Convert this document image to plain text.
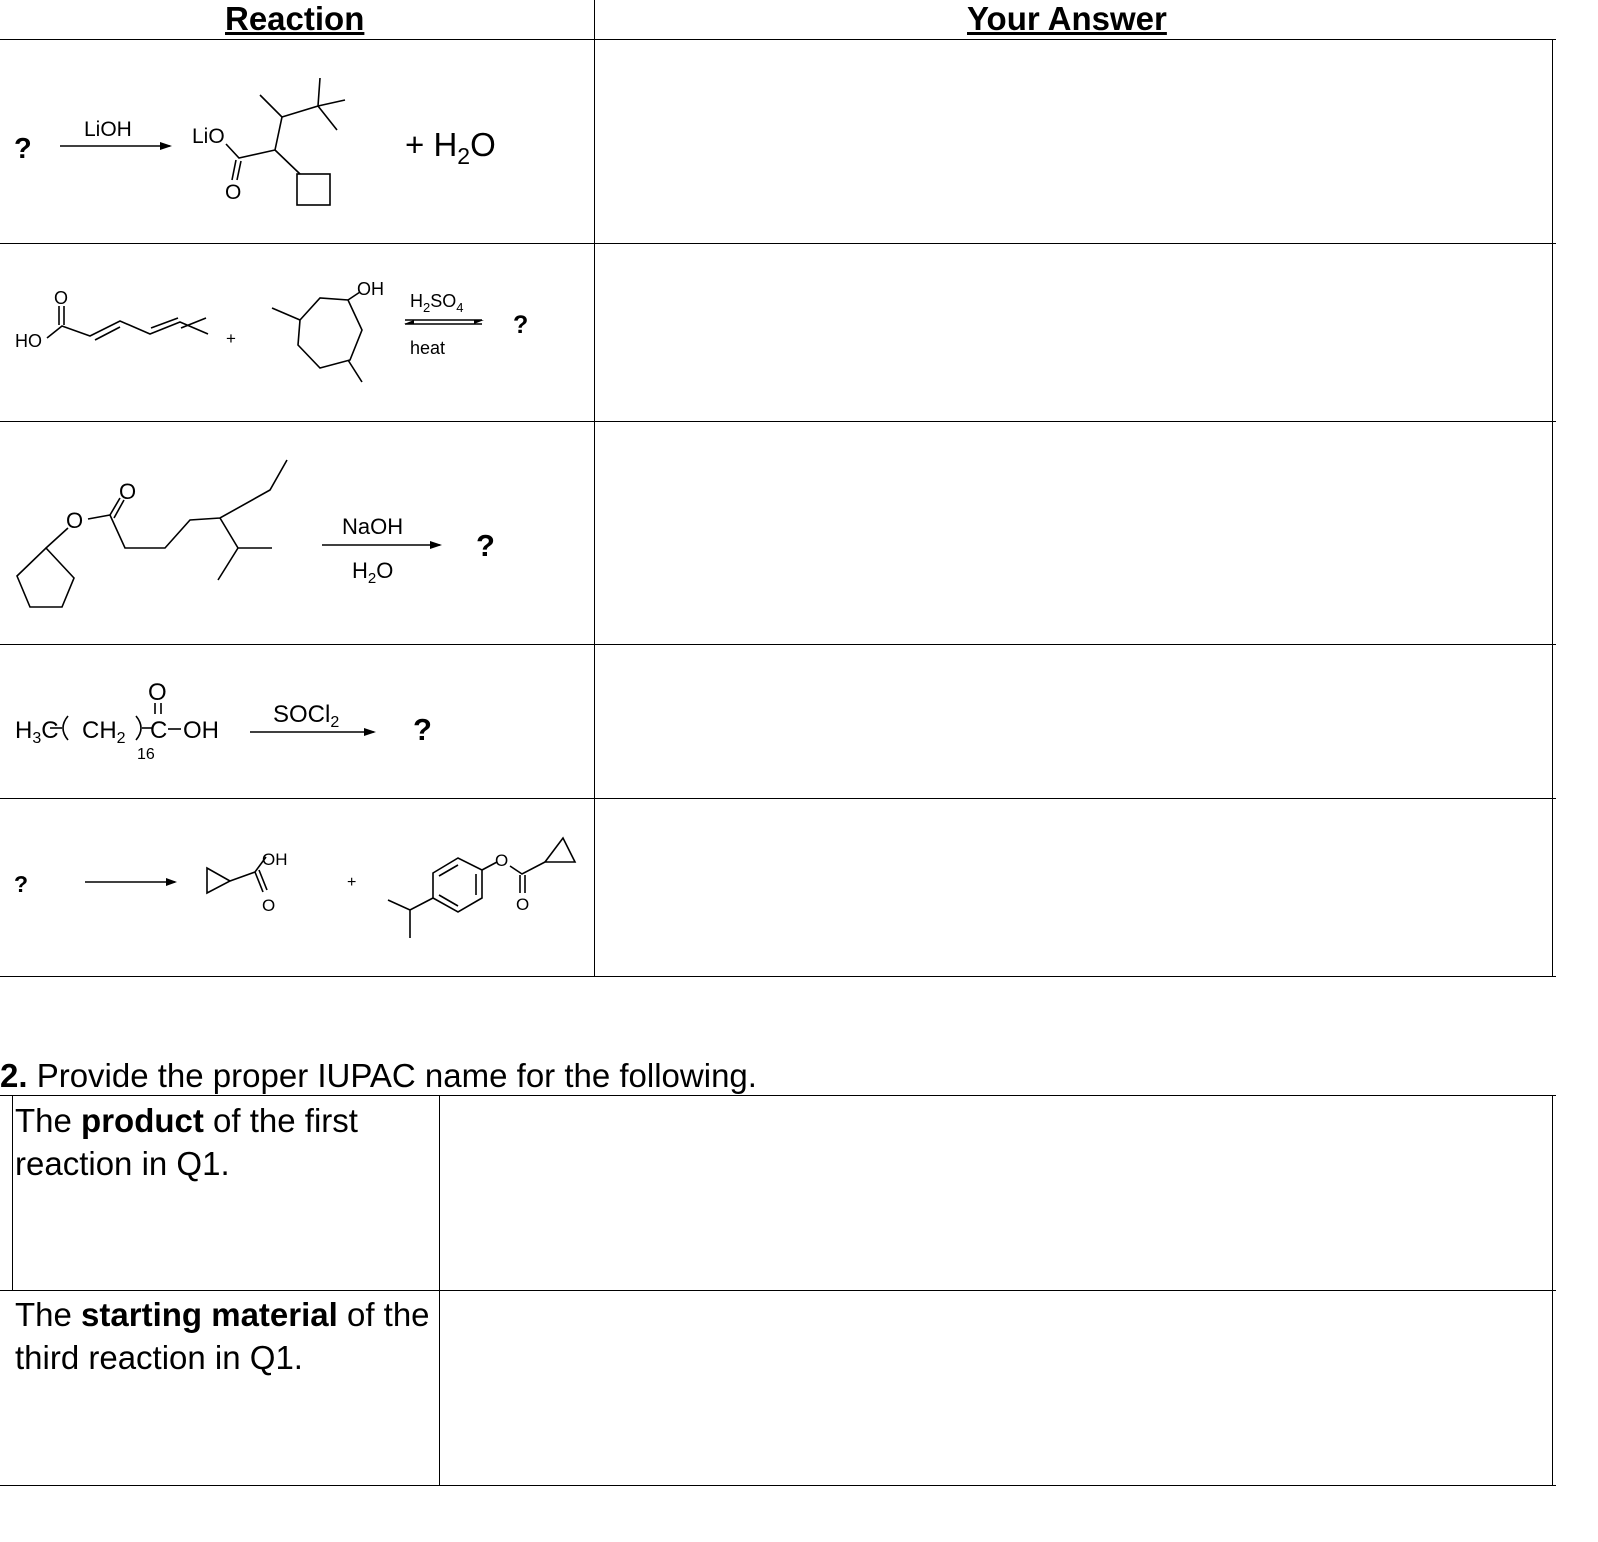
Reaction	Your Answer
?
LiOH	LiO
O
+ $H_2O$
HO
O
+
OH
$H_2SO_4$
heat
?
O
O
NaOH
$H_2O$
?
$H_3C$ $CH_2$
16
C OH
O
SOCl$_2$ ?
?
OH
O
+
O
O
2. Provide the proper IUPAC name for the following.
The product of the first reaction in Q1.
The starting material of the third reaction in Q1.
